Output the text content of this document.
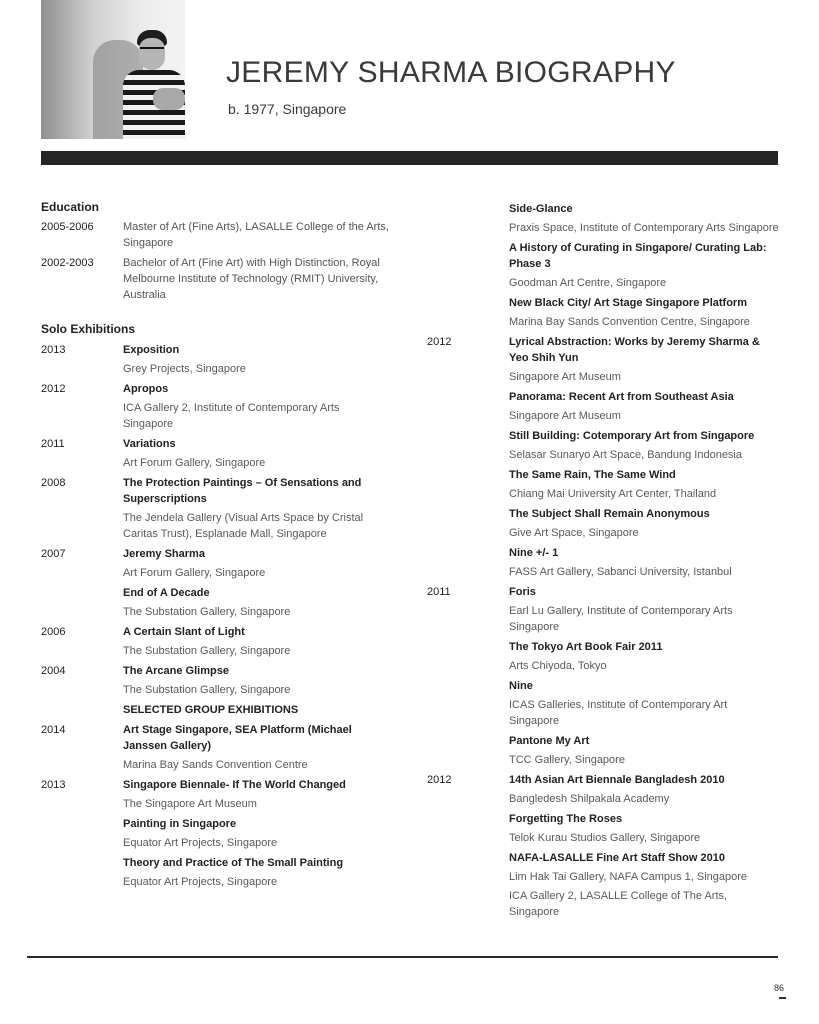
JEREMY SHARMA BIOGRAPHY
b. 1977, Singapore
Education
2005-2006	Master of Art (Fine Arts), LASALLE College of the Arts, Singapore
2002-2003	Bachelor of Art (Fine Art) with High Distinction, Royal Melbourne Institute of Technology (RMIT) University, Australia
Solo Exhibitions
2013	Exposition
Grey Projects, Singapore
2012	Apropos
ICA Gallery 2, Institute of Contemporary Arts Singapore
2011	Variations
Art Forum Gallery, Singapore
2008	The Protection Paintings – Of Sensations and Superscriptions
The Jendela Gallery (Visual Arts Space by Cristal Caritas Trust), Esplanade Mall, Singapore
2007	Jeremy Sharma
Art Forum Gallery, Singapore
End of A Decade
The Substation Gallery, Singapore
2006	A Certain Slant of Light
The Substation Gallery, Singapore
2004	The Arcane Glimpse
The Substation Gallery, Singapore
SELECTED GROUP EXHIBITIONS
2014	Art Stage Singapore, SEA Platform (Michael Janssen Gallery)
Marina Bay Sands Convention Centre
2013	Singapore Biennale- If The World Changed
The Singapore Art Museum
Painting in Singapore
Equator Art Projects, Singapore
Theory and Practice of The Small Painting
Equator Art Projects, Singapore
Side-Glance
Praxis Space, Institute of Contemporary Arts Singapore
A History of Curating in Singapore/ Curating Lab: Phase 3
Goodman Art Centre, Singapore
New Black City/ Art Stage Singapore Platform
Marina Bay Sands Convention Centre, Singapore
2012	Lyrical Abstraction: Works by Jeremy Sharma & Yeo Shih Yun
Singapore Art Museum
Panorama: Recent Art from Southeast Asia
Singapore Art Museum
Still Building: Cotemporary Art from Singapore
Selasar Sunaryo Art Space, Bandung Indonesia
The Same Rain, The Same Wind
Chiang Mai University Art Center, Thailand
The Subject Shall Remain Anonymous
Give Art Space, Singapore
Nine +/- 1
FASS Art Gallery, Sabanci University, Istanbul
2011	Foris
Earl Lu Gallery, Institute of Contemporary Arts Singapore
The Tokyo Art Book Fair 2011
Arts Chiyoda, Tokyo
Nine
ICAS Galleries, Institute of Contemporary Art Singapore
Pantone My Art
TCC Gallery, Singapore
2012	14th Asian Art Biennale Bangladesh 2010
Bangledesh Shilpakala Academy
Forgetting The Roses
Telok Kurau Studios Gallery, Singapore
NAFA-LASALLE Fine Art Staff Show 2010
Lim Hak Tai Gallery, NAFA Campus 1, Singapore
ICA Gallery 2, LASALLE College of The Arts, Singapore
86
